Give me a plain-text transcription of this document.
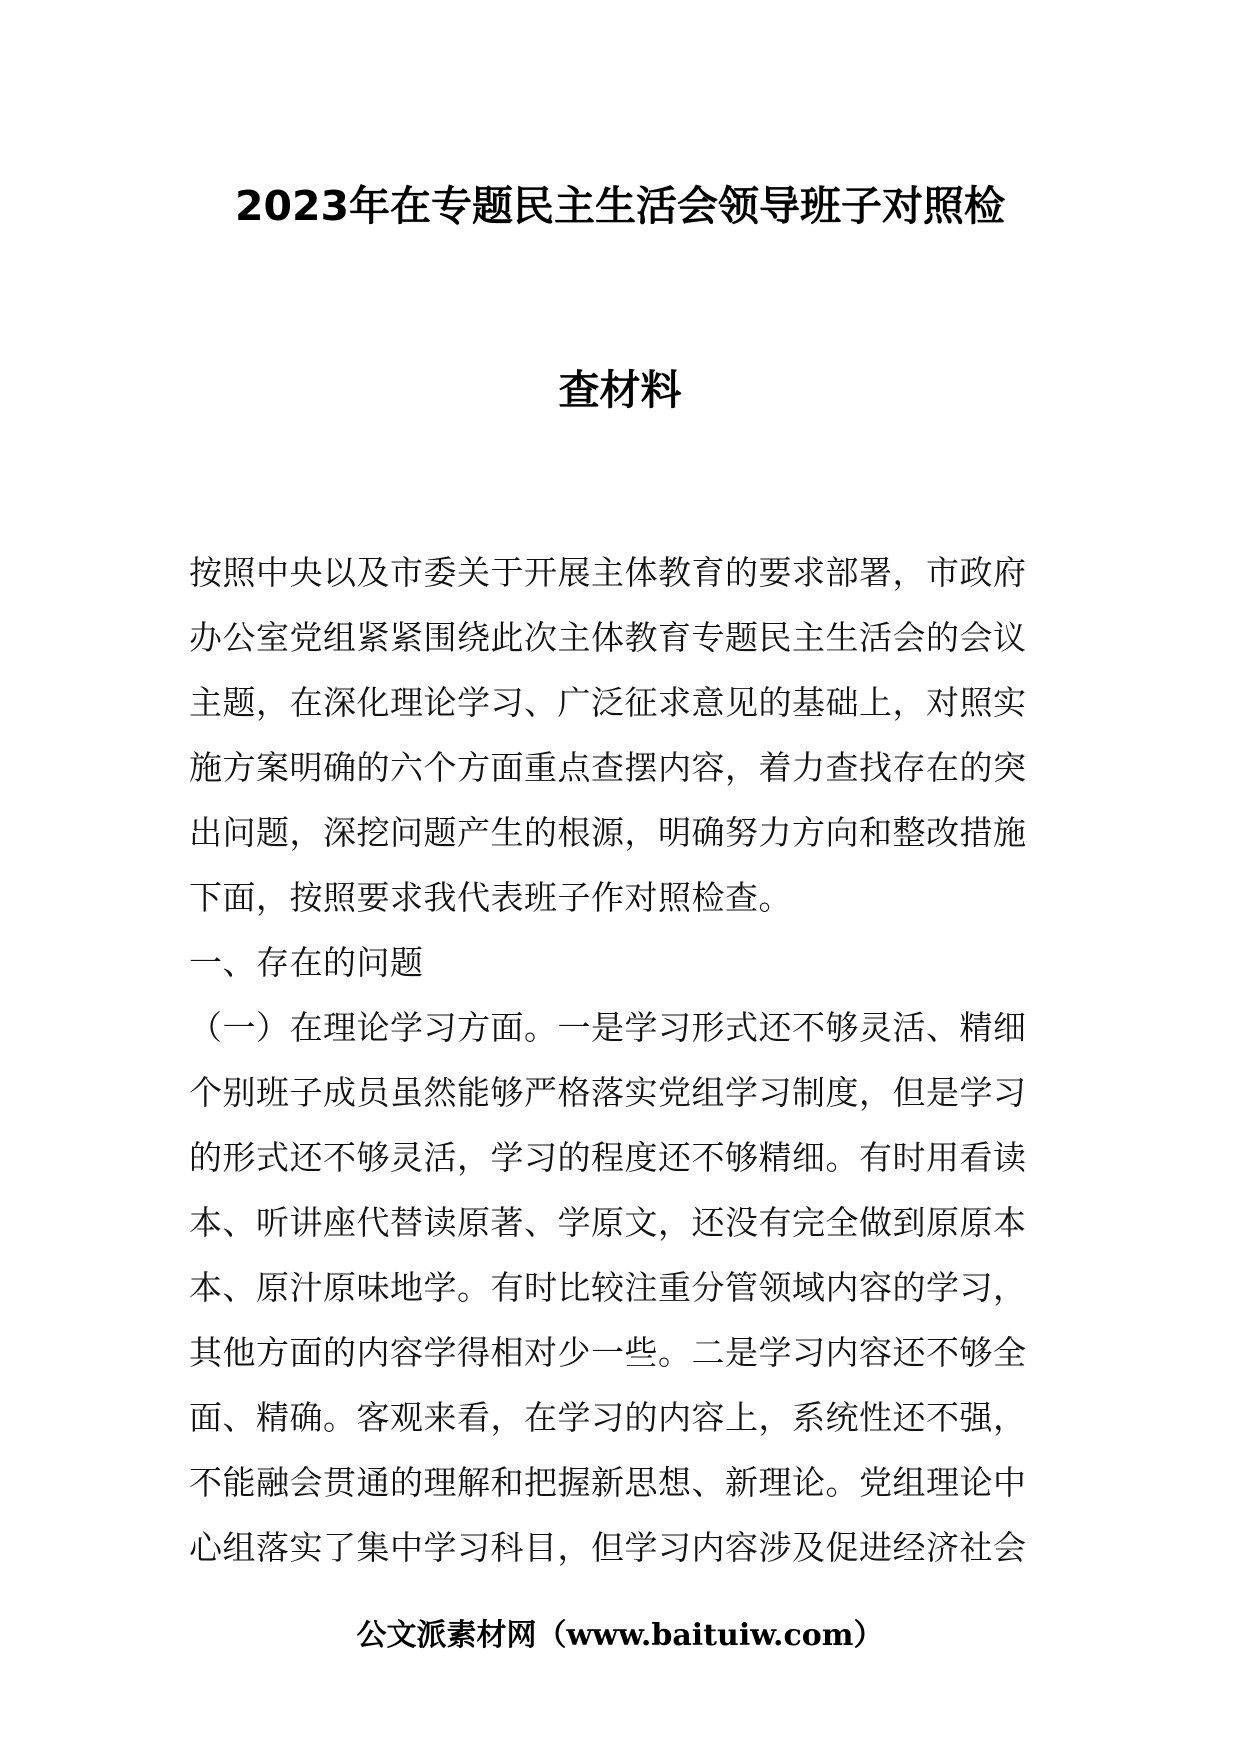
2023年在专题民主生活会领导班子对照检
查材料
按照中央以及市委关于开展主体教育的要求部署，市政府
办公室党组紧紧围绕此次主体教育专题民主生活会的会议
主题，在深化理论学习、广泛征求意见的基础上，对照实
施方案明确的六个方面重点查摆内容，着力查找存在的突
出问题，深挖问题产生的根源，明确努力方向和整改措施
下面，按照要求我代表班子作对照检查。
一、存在的问题
（一）在理论学习方面。一是学习形式还不够灵活、精细
个别班子成员虽然能够严格落实党组学习制度，但是学习
的形式还不够灵活，学习的程度还不够精细。有时用看读
本、听讲座代替读原著、学原文，还没有完全做到原原本
本、原汁原味地学。有时比较注重分管领域内容的学习，
其他方面的内容学得相对少一些。二是学习内容还不够全
面、精确。客观来看，在学习的内容上，系统性还不强，
不能融会贯通的理解和把握新思想、新理论。党组理论中
心组落实了集中学习科目，但学习内容涉及促进经济社会
公文派素材网（www.baituiw.com）
